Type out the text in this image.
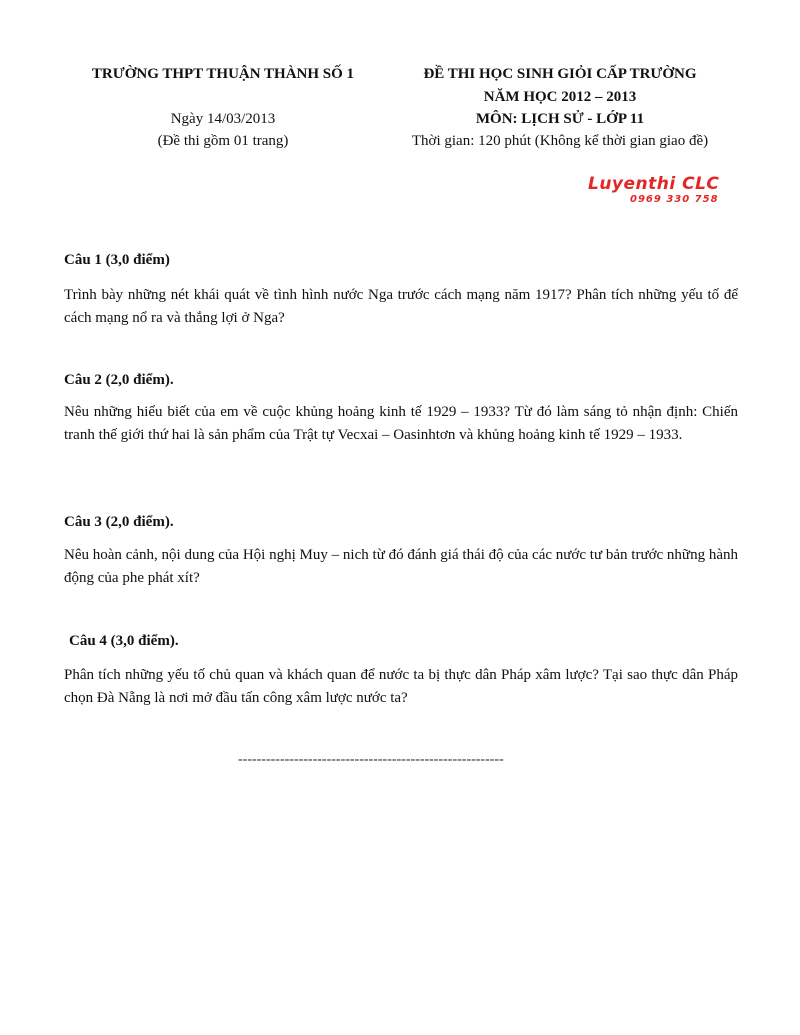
TRƯỜNG THPT THUẬN THÀNH SỐ 1
Ngày 14/03/2013
(Đề thi gồm 01 trang)
ĐỀ THI HỌC SINH GIỎI CẤP TRƯỜNG
NĂM HỌC 2012 – 2013
MÔN: LỊCH SỬ - LỚP 11
Thời gian: 120 phút (Không kể thời gian giao đề)
Luyenthi CLC
0969 330 758
Câu 1 (3,0 điểm)
Trình bày những nét khái quát về tình hình nước Nga trước cách mạng năm 1917? Phân tích những yếu tố để cách mạng nổ ra và thắng lợi ở Nga?
Câu 2 (2,0 điểm).
Nêu những hiểu biết của em về cuộc khủng hoảng kinh tế 1929 – 1933? Từ đó làm sáng tỏ nhận định: Chiến tranh thế giới thứ hai là sản phẩm của Trật tự Vecxai – Oasinhtơn và khủng hoảng kinh tế 1929 – 1933.
Câu 3 (2,0 điểm).
Nêu hoàn cảnh, nội dung của Hội nghị Muy – nich từ đó đánh giá thái độ của các nước tư bản trước những hành động của phe phát xít?
Câu 4 (3,0 điểm).
Phân tích những yếu tố chủ quan và khách quan để nước ta bị thực dân Pháp xâm lược? Tại sao thực dân Pháp chọn Đà Nẵng là nơi mở đầu tấn công xâm lược nước ta?
---------------------------------------------------------
